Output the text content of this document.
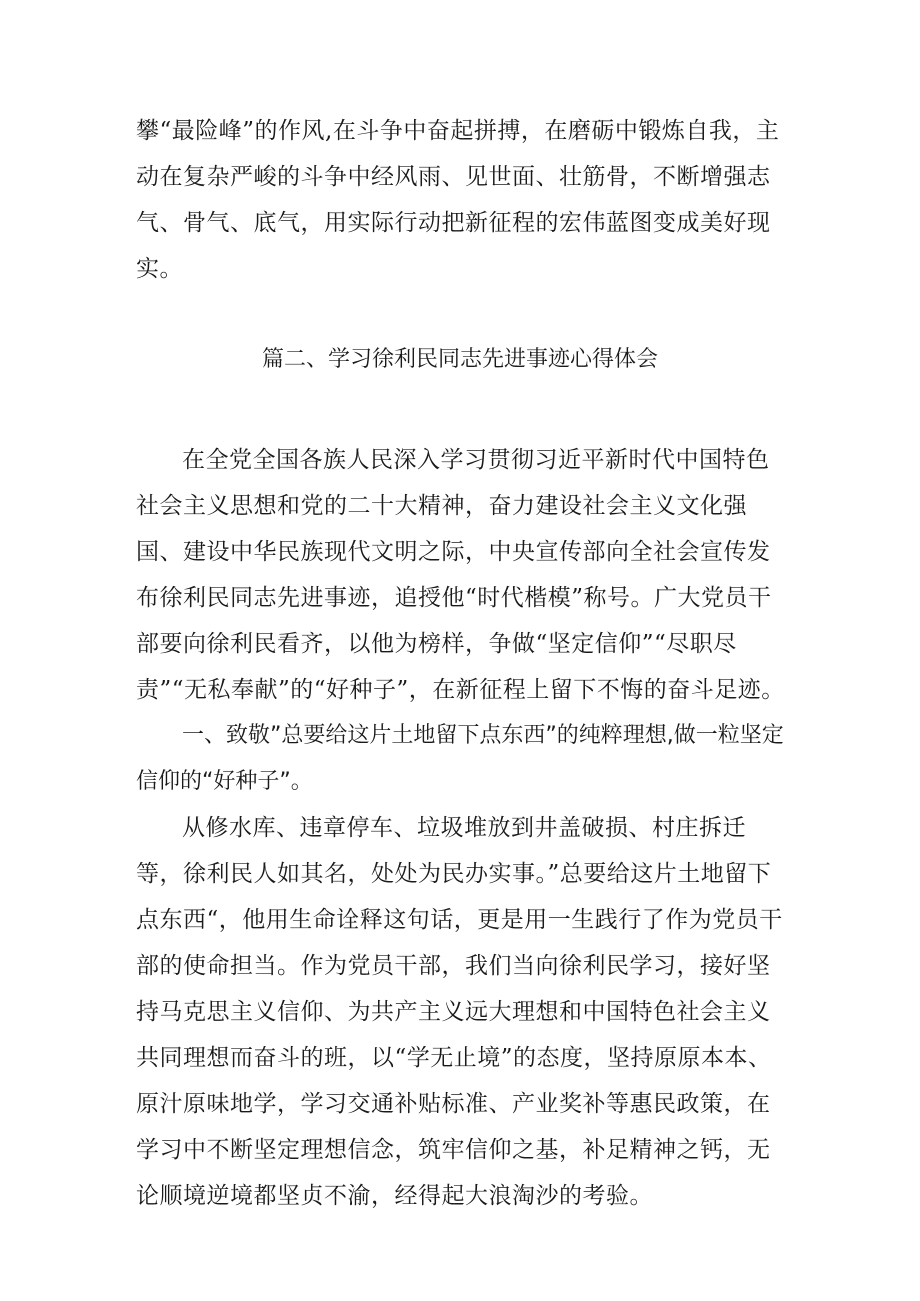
攀“最险峰”的作风,在斗争中奋起拼搏，在磨砺中锻炼自我，主动在复杂严峻的斗争中经风雨、见世面、壮筋骨，不断增强志气、骨气、底气，用实际行动把新征程的宏伟蓝图变成美好现实。

篇二、学习徐利民同志先进事迹心得体会

在全党全国各族人民深入学习贯彻习近平新时代中国特色社会主义思想和党的二十大精神，奋力建设社会主义文化强国、建设中华民族现代文明之际，中央宣传部向全社会宣传发布徐利民同志先进事迹，追授他“时代楷模”称号。广大党员干部要向徐利民看齐，以他为榜样，争做“坚定信仰”“尽职尽责”“无私奉献”的“好种子”，在新征程上留下不悔的奋斗足迹。

一、致敬”总要给这片土地留下点东西”的纯粹理想,做一粒坚定信仰的“好种子”。

从修水库、违章停车、垃圾堆放到井盖破损、村庄拆迁等，徐利民人如其名，处处为民办实事。”总要给这片土地留下点东西“，他用生命诠释这句话，更是用一生践行了作为党员干部的使命担当。作为党员干部，我们当向徐利民学习，接好坚持马克思主义信仰、为共产主义远大理想和中国特色社会主义共同理想而奋斗的班，以“学无止境”的态度，坚持原原本本、原汁原味地学，学习交通补贴标准、产业奖补等惠民政策，在学习中不断坚定理想信念，筑牢信仰之基，补足精神之钙，无论顺境逆境都坚贞不渝，经得起大浪淘沙的考验。
